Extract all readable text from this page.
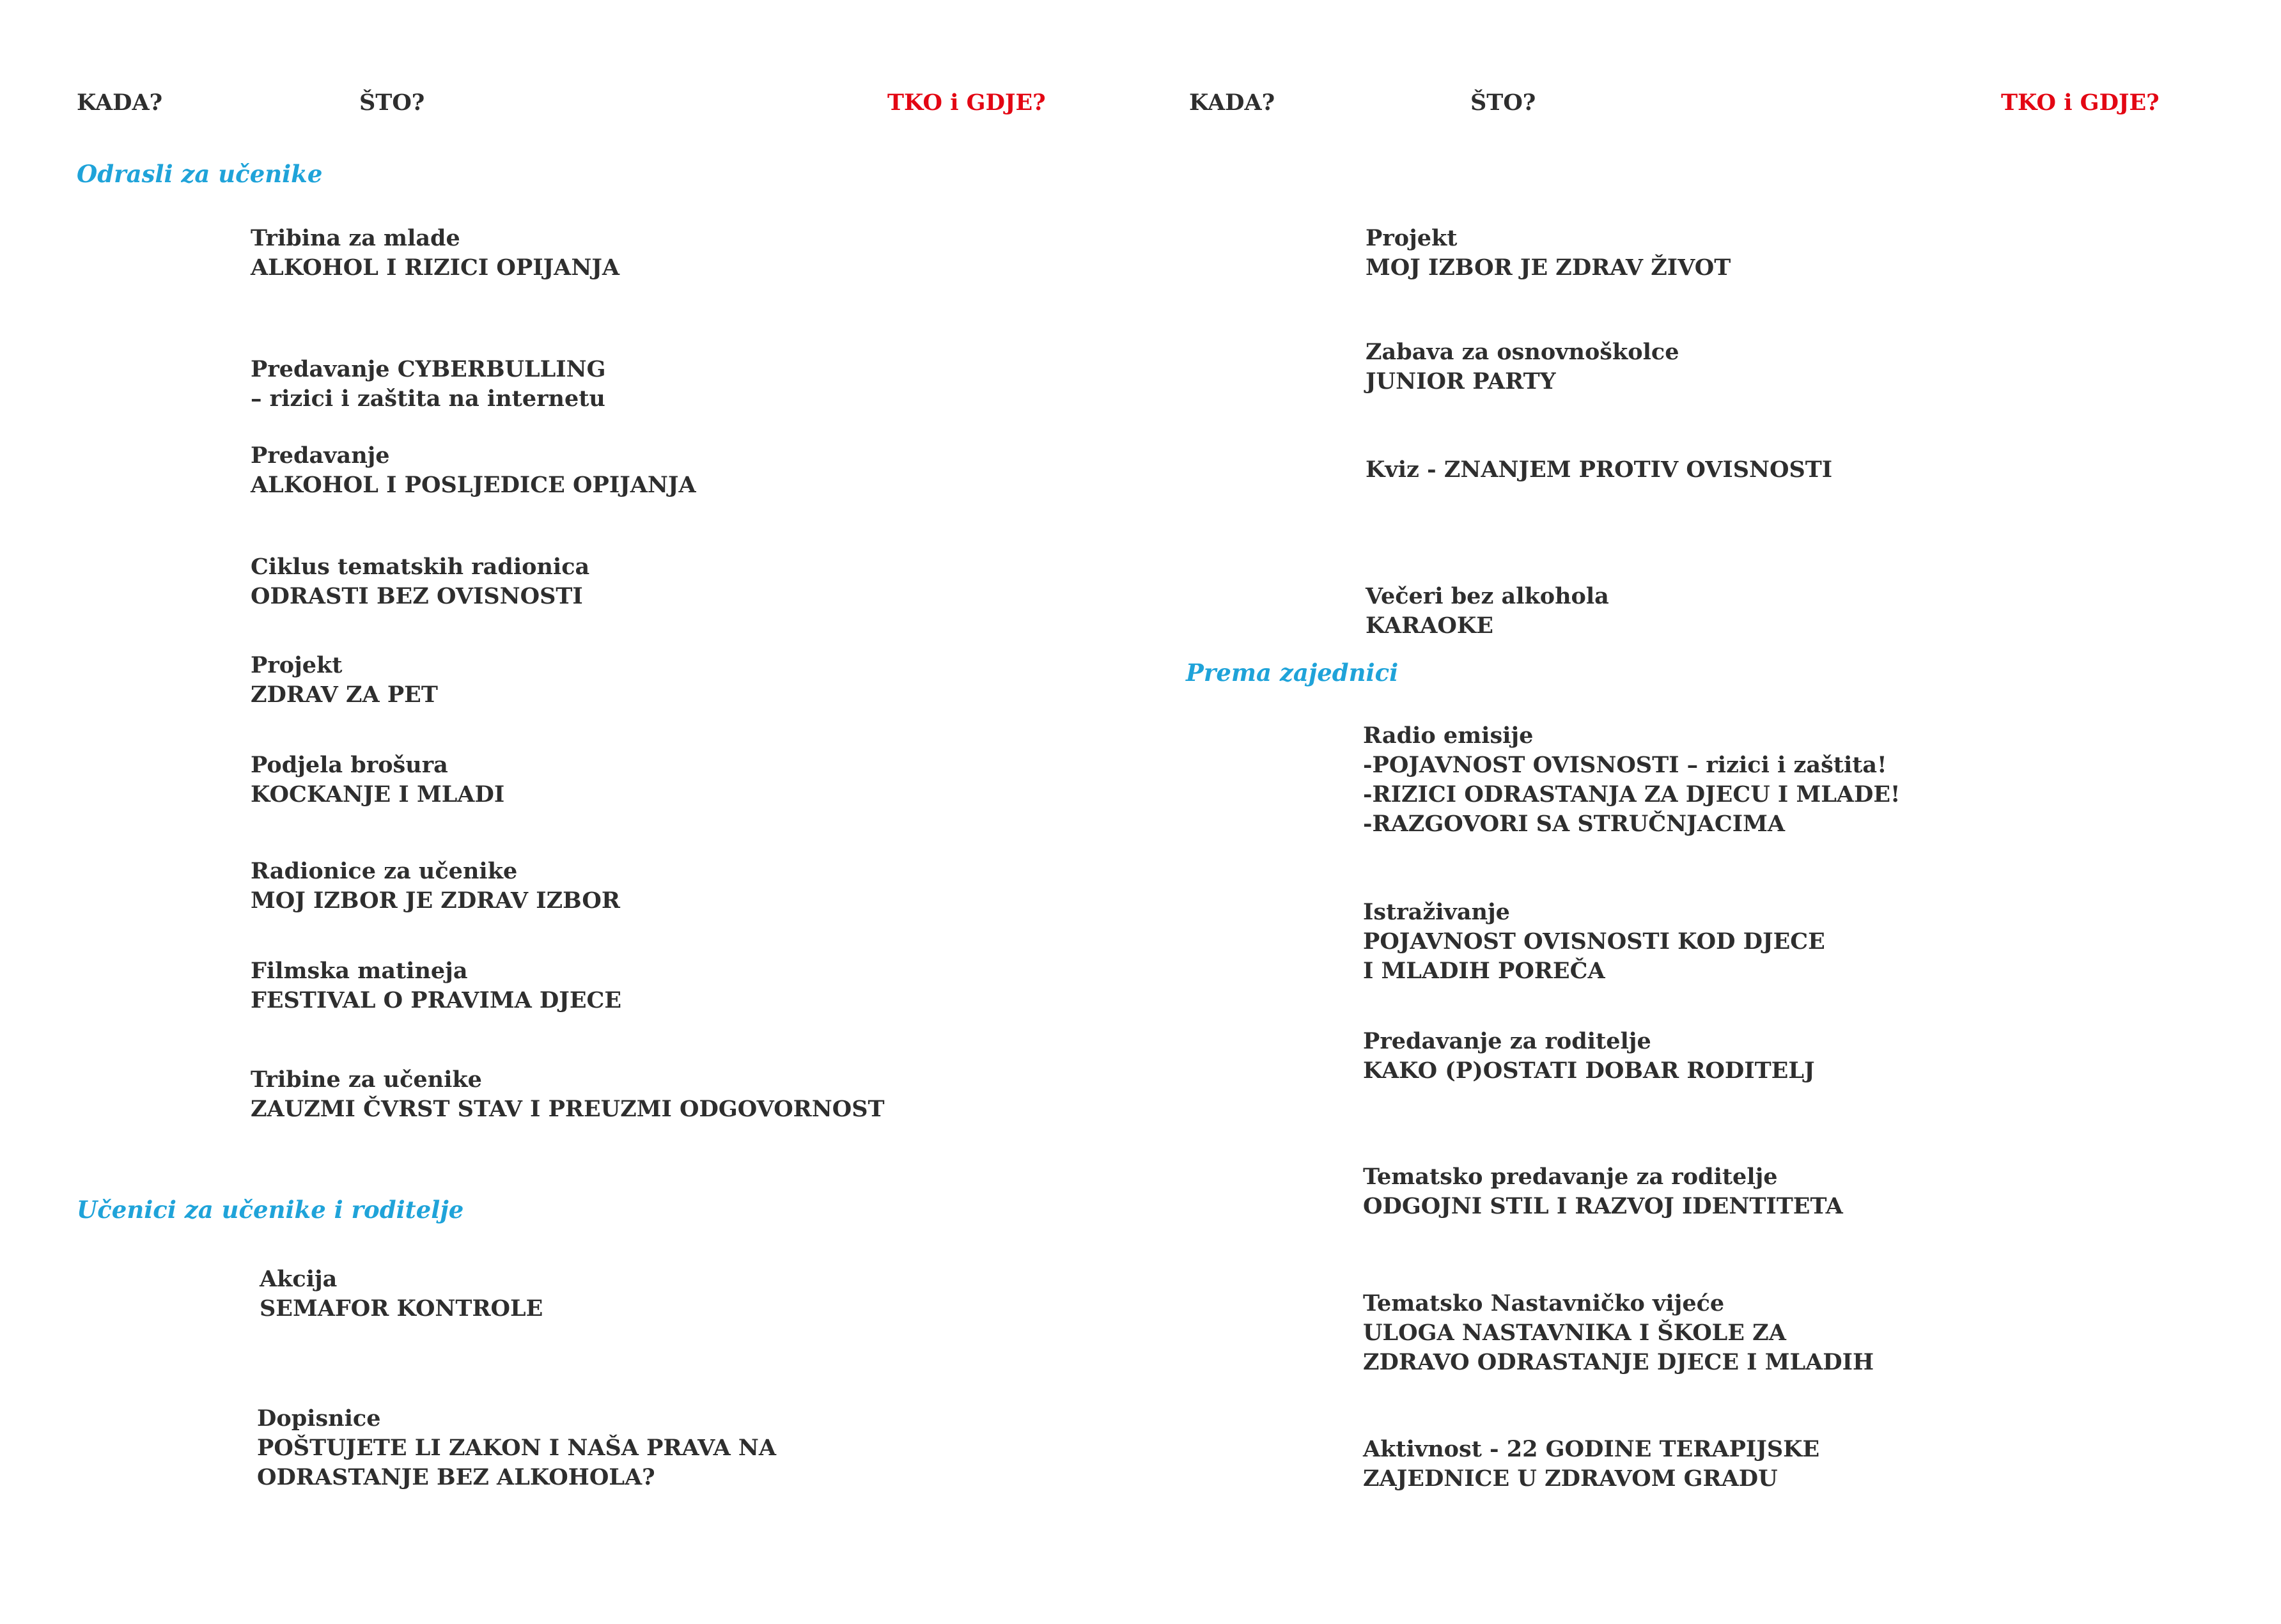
KADA?	ŠTO?	TKO i GDJE?	KADA?	ŠTO?	TKO i GDJE?
Odrasli za učenike
Učenici za učenike i roditelje
Prema zajednici
Tribina za mlade
ALKOHOL I RIZICI OPIJANJA
Predavanje CYBERBULLING
– rizici i zaštita na internetu
Predavanje
ALKOHOL I POSLJEDICE OPIJANJA
Ciklus tematskih radionica
ODRASTI BEZ OVISNOSTI
Projekt
ZDRAV ZA PET
Podjela brošura
KOCKANJE I MLADI
Radionice za učenike
MOJ IZBOR JE ZDRAV IZBOR
Filmska matineja
FESTIVAL O PRAVIMA DJECE
Tribine za učenike
ZAUZMI ČVRST STAV I PREUZMI ODGOVORNOST
Akcija
SEMAFOR KONTROLE
Dopisnice
POŠTUJETE LI ZAKON I NAŠA PRAVA NA
ODRASTANJE BEZ ALKOHOLA?
Projekt
MOJ IZBOR JE ZDRAV ŽIVOT
Zabava za osnovnoškolce
JUNIOR PARTY
Kviz - ZNANJEM PROTIV OVISNOSTI
Večeri bez alkohola
KARAOKE
Radio emisije
-POJAVNOST OVISNOSTI – rizici i zaštita!
-RIZICI ODRASTANJA ZA DJECU I MLADE!
-RAZGOVORI SA STRUČNJACIMA
Istraživanje
POJAVNOST OVISNOSTI KOD DJECE
I MLADIH POREČA
Predavanje za roditelje
KAKO (P)OSTATI DOBAR RODITELJ
Tematsko predavanje za roditelje
ODGOJNI STIL I RAZVOJ IDENTITETA
Tematsko Nastavničko vijeće
ULOGA NASTAVNIKA I ŠKOLE ZA
ZDRAVO ODRASTANJE DJECE I MLADIH
Aktivnost - 22 GODINE TERAPIJSKE
ZAJEDNICE U ZDRAVOM GRADU
